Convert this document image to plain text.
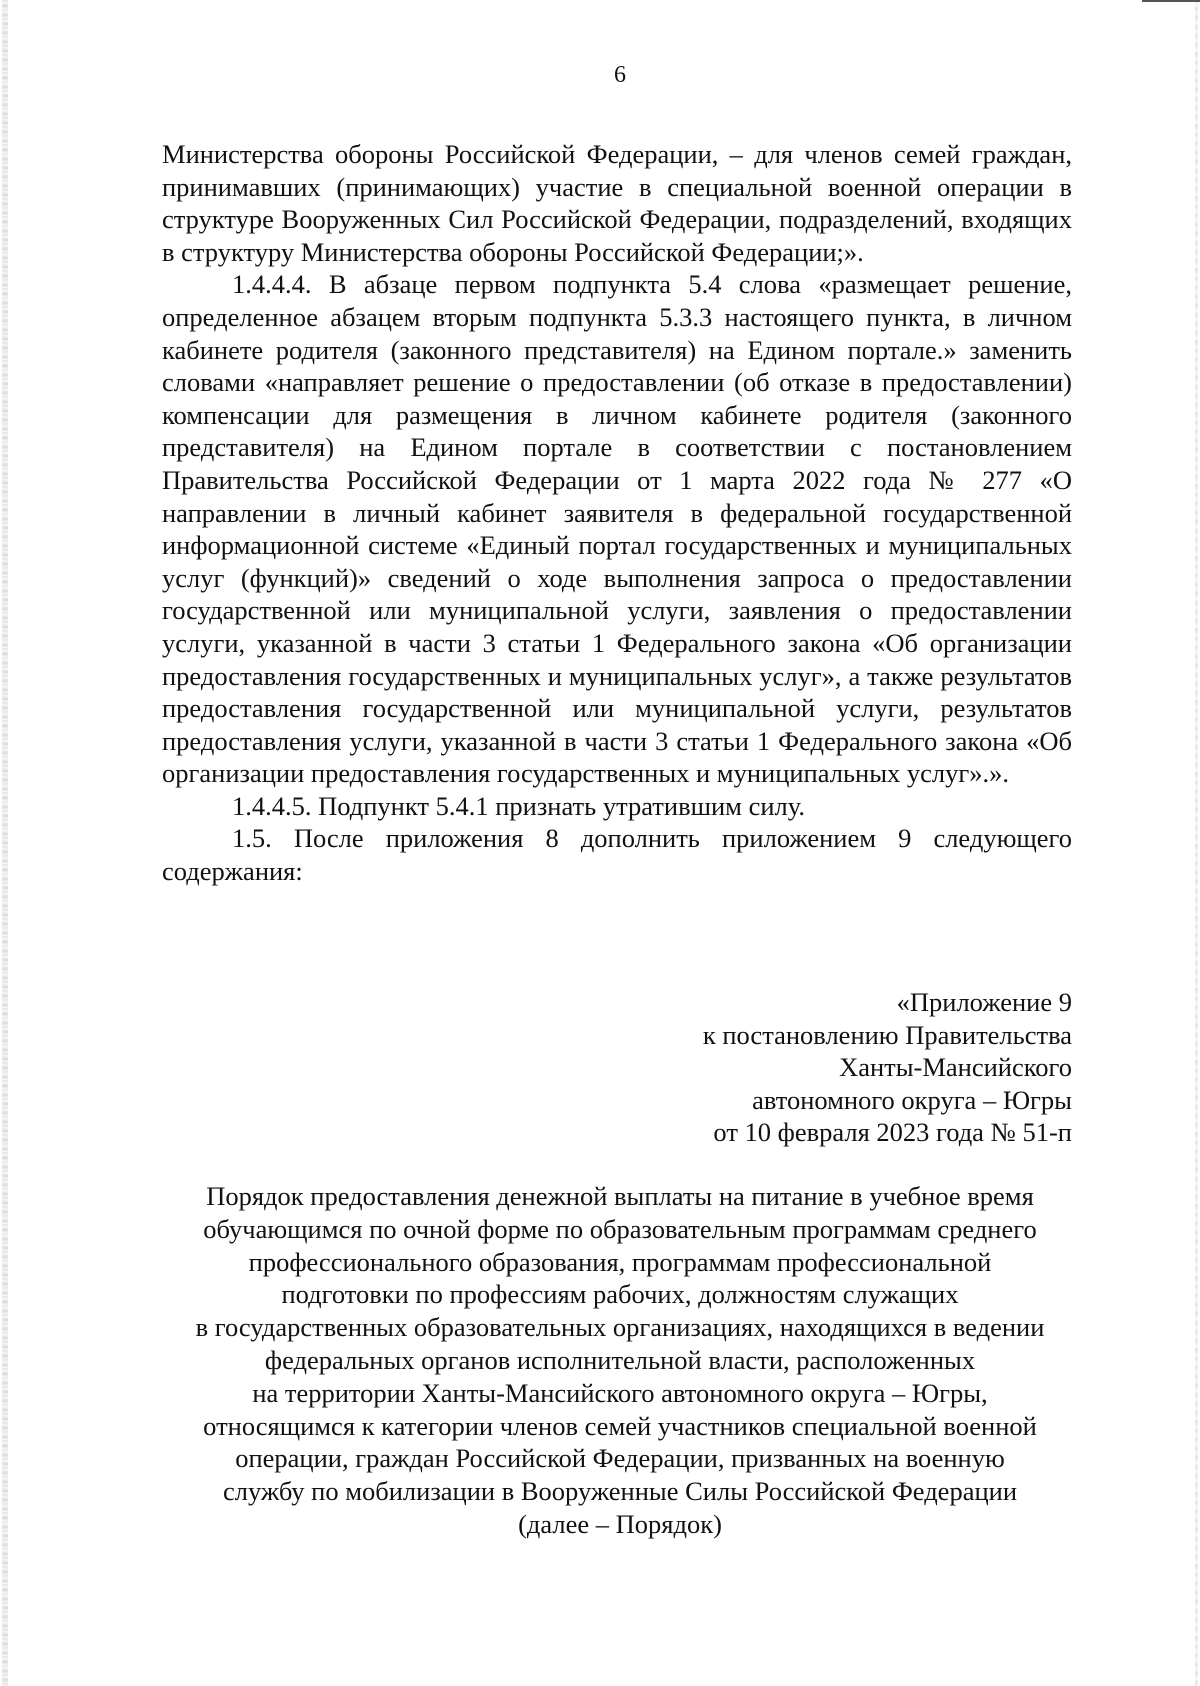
6

Министерства обороны Российской Федерации, – для членов семей граждан, принимавших (принимающих) участие в специальной военной операции в структуре Вооруженных Сил Российской Федерации, подразделений, входящих в структуру Министерства обороны Российской Федерации;».

1.4.4.4. В абзаце первом подпункта 5.4 слова «размещает решение, определенное абзацем вторым подпункта 5.3.3 настоящего пункта, в личном кабинете родителя (законного представителя) на Едином портале.» заменить словами «направляет решение о предоставлении (об отказе в предоставлении) компенсации для размещения в личном кабинете родителя (законного представителя) на Едином портале в соответствии с постановлением Правительства Российской Федерации от 1 марта 2022 года № 277 «О направлении в личный кабинет заявителя в федеральной государственной информационной системе «Единый портал государственных и муниципальных услуг (функций)» сведений о ходе выполнения запроса о предоставлении государственной или муниципальной услуги, заявления о предоставлении услуги, указанной в части 3 статьи 1 Федерального закона «Об организации предоставления государственных и муниципальных услуг», а также результатов предоставления государственной или муниципальной услуги, результатов предоставления услуги, указанной в части 3 статьи 1 Федерального закона «Об организации предоставления государственных и муниципальных услуг».».

1.4.4.5. Подпункт 5.4.1 признать утратившим силу.

1.5. После приложения 8 дополнить приложением 9 следующего содержания:

«Приложение 9
к постановлению Правительства
Ханты-Мансийского
автономного округа – Югры
от 10 февраля 2023 года № 51-п
Порядок предоставления денежной выплаты на питание в учебное время
обучающимся по очной форме по образовательным программам среднего
профессионального образования, программам профессиональной
подготовки по профессиям рабочих, должностям служащих
в государственных образовательных организациях, находящихся в ведении
федеральных органов исполнительной власти, расположенных
на территории Ханты-Мансийского автономного округа – Югры,
относящимся к категории членов семей участников специальной военной
операции, граждан Российской Федерации, призванных на военную
службу по мобилизации в Вооруженные Силы Российской Федерации
(далее – Порядок)
